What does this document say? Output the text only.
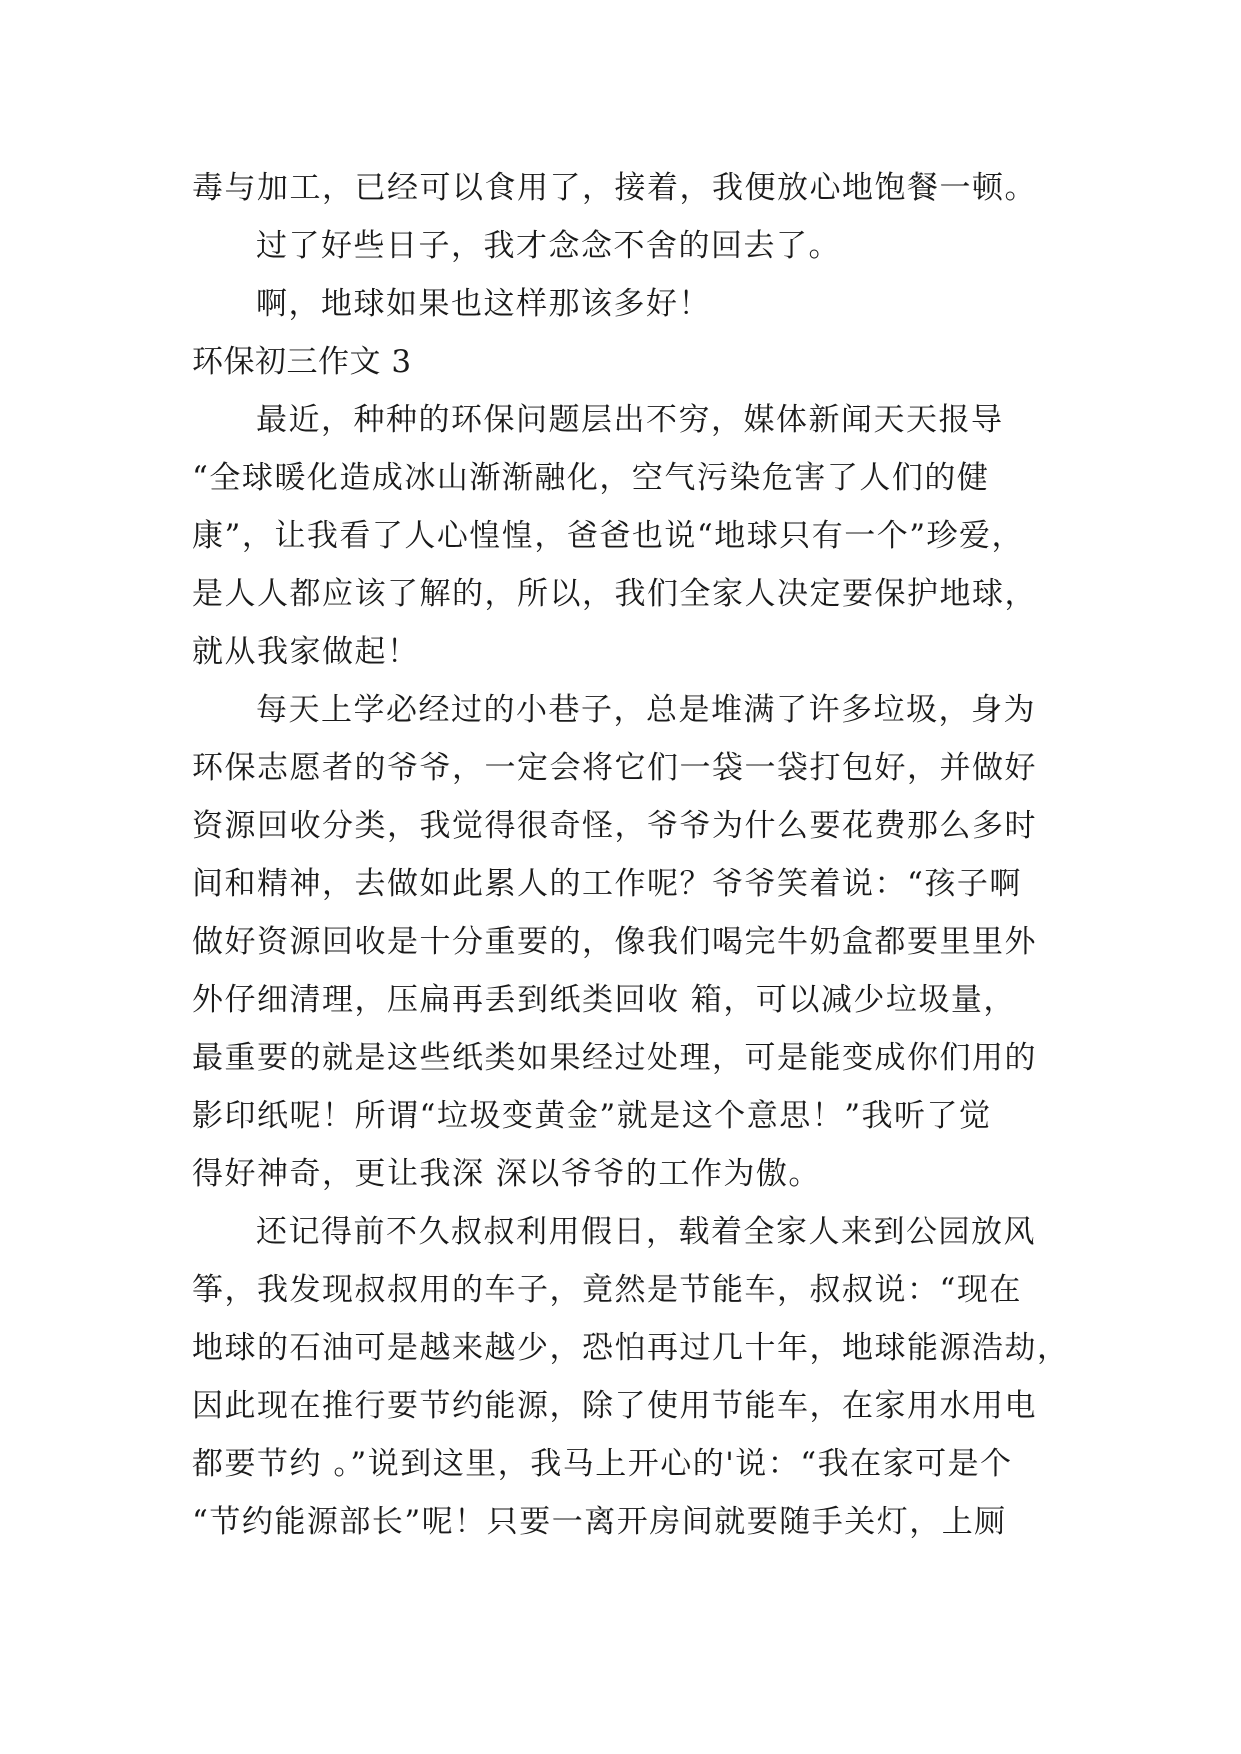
毒与加工，已经可以食用了，接着，我便放心地饱餐一顿。
过了好些日子，我才念念不舍的回去了。
啊，地球如果也这样那该多好！
环保初三作文 3
最近，种种的环保问题层出不穷，媒体新闻天天报导
“全球暖化造成冰山渐渐融化，空气污染危害了人们的健
康”，让我看了人心惶惶，爸爸也说“地球只有一个”珍爱，
是人人都应该了解的，所以，我们全家人决定要保护地球，
就从我家做起！
每天上学必经过的小巷子，总是堆满了许多垃圾，身为
环保志愿者的爷爷，一定会将它们一袋一袋打包好，并做好
资源回收分类，我觉得很奇怪，爷爷为什么要花费那么多时
间和精神，去做如此累人的工作呢？爷爷笑着说：“孩子啊
做好资源回收是十分重要的，像我们喝完牛奶盒都要里里外
外仔细清理，压扁再丢到纸类回收 箱，可以减少垃圾量，
最重要的就是这些纸类如果经过处理，可是能变成你们用的
影印纸呢！所谓“垃圾变黄金”就是这个意思！”我听了觉
得好神奇，更让我深 深以爷爷的工作为傲。
还记得前不久叔叔利用假日，载着全家人来到公园放风
筝，我发现叔叔用的车子，竟然是节能车，叔叔说：“现在
地球的石油可是越来越少，恐怕再过几十年，地球能源浩劫，
因此现在推行要节约能源，除了使用节能车，在家用水用电
都要节约 。”说到这里，我马上开心的'说：“我在家可是个
“节约能源部长”呢！只要一离开房间就要随手关灯，上厕
